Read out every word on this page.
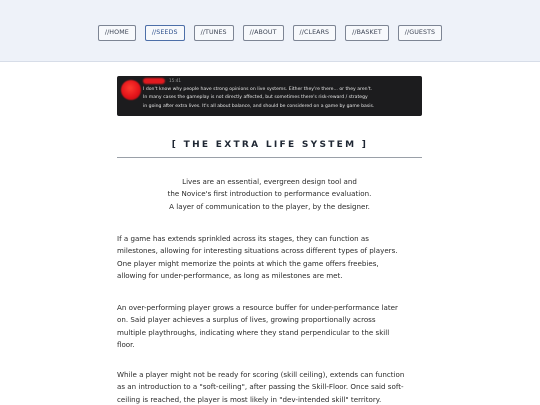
//HOME	//SEEDS	//TUNES	//ABOUT	//CLEARS	//BASKET	//GUESTS
15:41
I don't know why people have strong opinions on live systems. Either they're there... or they aren't.
In many cases the gameplay is not directly affected, but sometimes there's risk-reward / strategy
in going after extra lives. It's all about balance, and should be considered on a game by game basis.
[ THE EXTRA LIFE SYSTEM ]
Lives are an essential, evergreen design tool and
the Novice's first introduction to performance evaluation.
A layer of communication to the player, by the designer.
If a game has extends sprinkled across its stages, they can function as
milestones, allowing for interesting situations across different types of players.
One player might memorize the points at which the game offers freebies,
allowing for under-performance, as long as milestones are met.
An over-performing player grows a resource buffer for under-performance later
on. Said player achieves a surplus of lives, growing proportionally across
multiple playthroughs, indicating where they stand perpendicular to the skill
floor.
While a player might not be ready for scoring (skill ceiling), extends can function
as an introduction to a "soft-ceiling", after passing the Skill-Floor. Once said soft-
ceiling is reached, the player is most likely in "dev-intended skill" territory.
